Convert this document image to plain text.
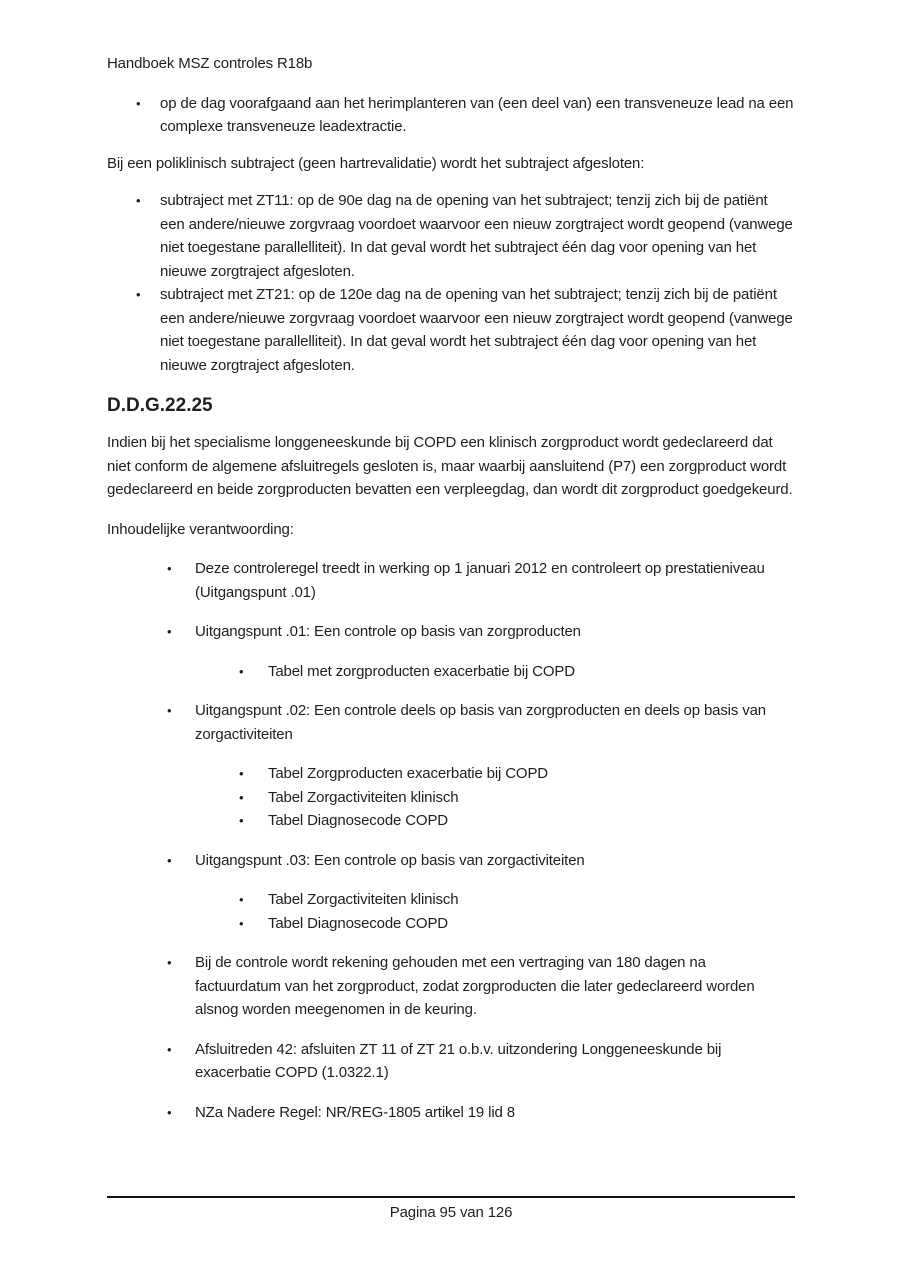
Handboek MSZ controles R18b
• op de dag voorafgaand aan het herimplanteren van (een deel van) een transveneuze lead na een complexe transveneuze leadextractie.
Bij een poliklinisch subtraject (geen hartrevalidatie) wordt het subtraject afgesloten:
• subtraject met ZT11: op de 90e dag na de opening van het subtraject; tenzij zich bij de patiënt een andere/nieuwe zorgvraag voordoet waarvoor een nieuw zorgtraject wordt geopend (vanwege niet toegestane parallelliteit). In dat geval wordt het subtraject één dag voor opening van het nieuwe zorgtraject afgesloten.
• subtraject met ZT21: op de 120e dag na de opening van het subtraject; tenzij zich bij de patiënt een andere/nieuwe zorgvraag voordoet waarvoor een nieuw zorgtraject wordt geopend (vanwege niet toegestane parallelliteit). In dat geval wordt het subtraject één dag voor opening van het nieuwe zorgtraject afgesloten.
D.D.G.22.25
Indien bij het specialisme longgeneeskunde bij COPD een klinisch zorgproduct wordt gedeclareerd dat niet conform de algemene afsluitregels gesloten is, maar waarbij aansluitend (P7) een zorgproduct wordt gedeclareerd en beide zorgproducten bevatten een verpleegdag, dan wordt dit zorgproduct goedgekeurd.
Inhoudelijke verantwoording:
• Deze controleregel treedt in werking op 1 januari 2012 en controleert op prestatieniveau (Uitgangspunt .01)
• Uitgangspunt .01: Een controle op basis van zorgproducten
• Tabel met zorgproducten exacerbatie bij COPD
• Uitgangspunt .02: Een controle deels op basis van zorgproducten en deels op basis van zorgactiviteiten
• Tabel Zorgproducten exacerbatie bij COPD
• Tabel Zorgactiviteiten klinisch
• Tabel Diagnosecode COPD
• Uitgangspunt .03: Een controle op basis van zorgactiviteiten
• Tabel Zorgactiviteiten klinisch
• Tabel Diagnosecode COPD
• Bij de controle wordt rekening gehouden met een vertraging van 180 dagen na factuurdatum van het zorgproduct, zodat zorgproducten die later gedeclareerd worden alsnog worden meegenomen in de keuring.
• Afsluitreden 42: afsluiten ZT 11 of ZT 21 o.b.v. uitzondering Longgeneeskunde bij exacerbatie COPD (1.0322.1)
• NZa Nadere Regel: NR/REG-1805 artikel 19 lid 8
Pagina 95 van 126
